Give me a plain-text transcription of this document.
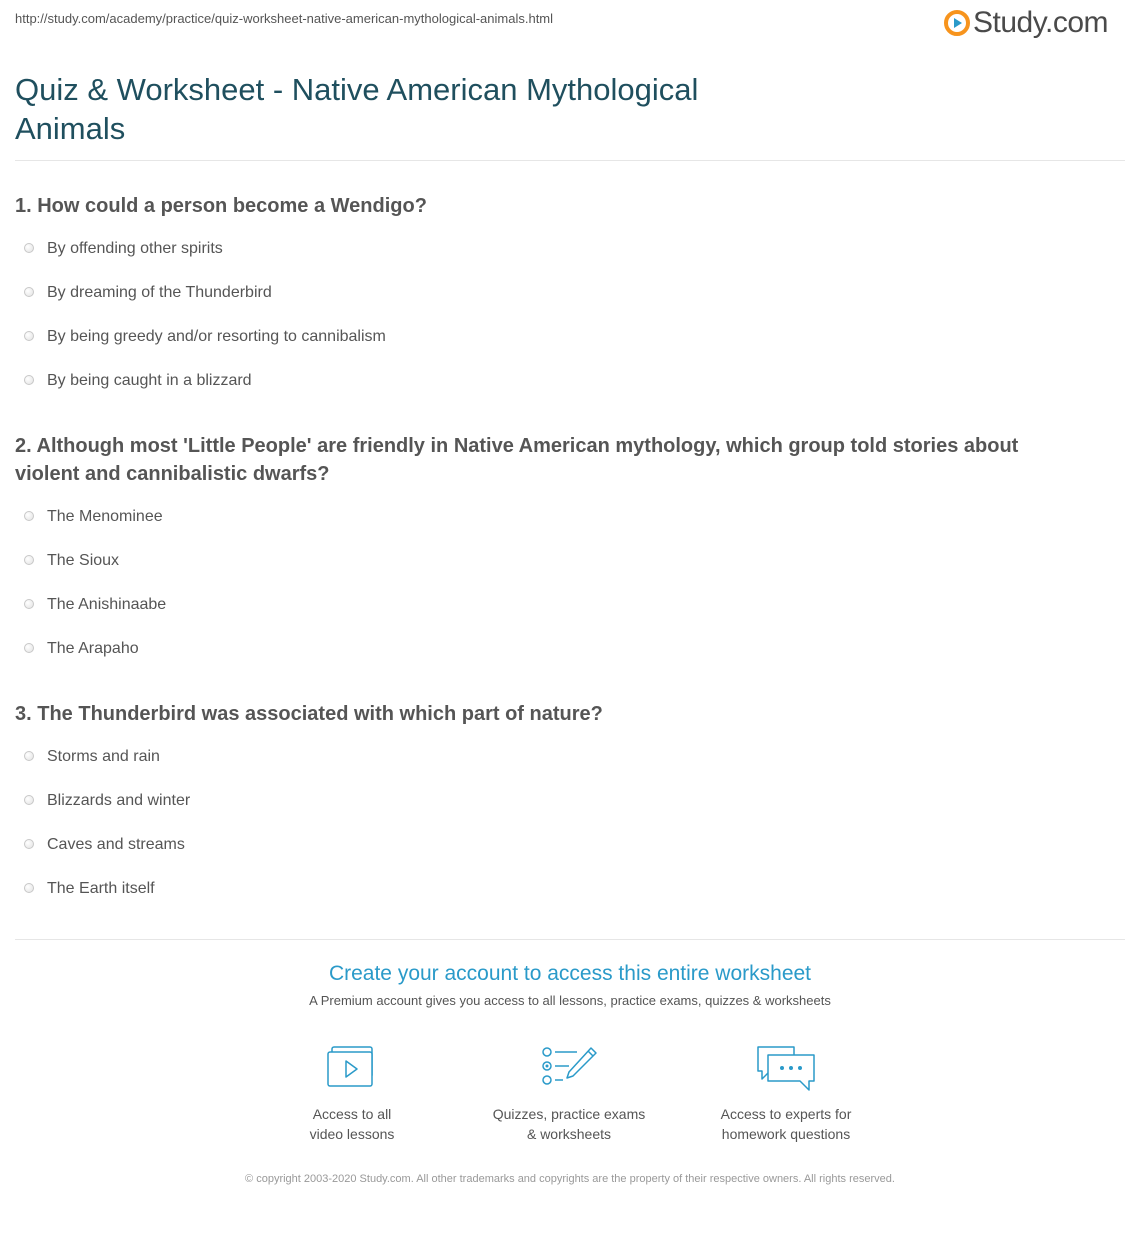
http://study.com/academy/practice/quiz-worksheet-native-american-mythological-animals.html	Study.com
Quiz & Worksheet - Native American Mythological Animals

1. How could a person become a Wendigo?

By offending other spirits
By dreaming of the Thunderbird
By being greedy and/or resorting to cannibalism
By being caught in a blizzard

2. Although most 'Little People' are friendly in Native American mythology, which group told stories about violent and cannibalistic dwarfs?

The Menominee
The Sioux
The Anishinaabe
The Arapaho

3. The Thunderbird was associated with which part of nature?

Storms and rain
Blizzards and winter
Caves and streams
The Earth itself
Create your account to access this entire worksheet
A Premium account gives you access to all lessons, practice exams, quizzes & worksheets
Access to all
video lessons
Quizzes, practice exams
& worksheets
Access to experts for
homework questions
© copyright 2003-2020 Study.com. All other trademarks and copyrights are the property of their respective owners. All rights reserved.
